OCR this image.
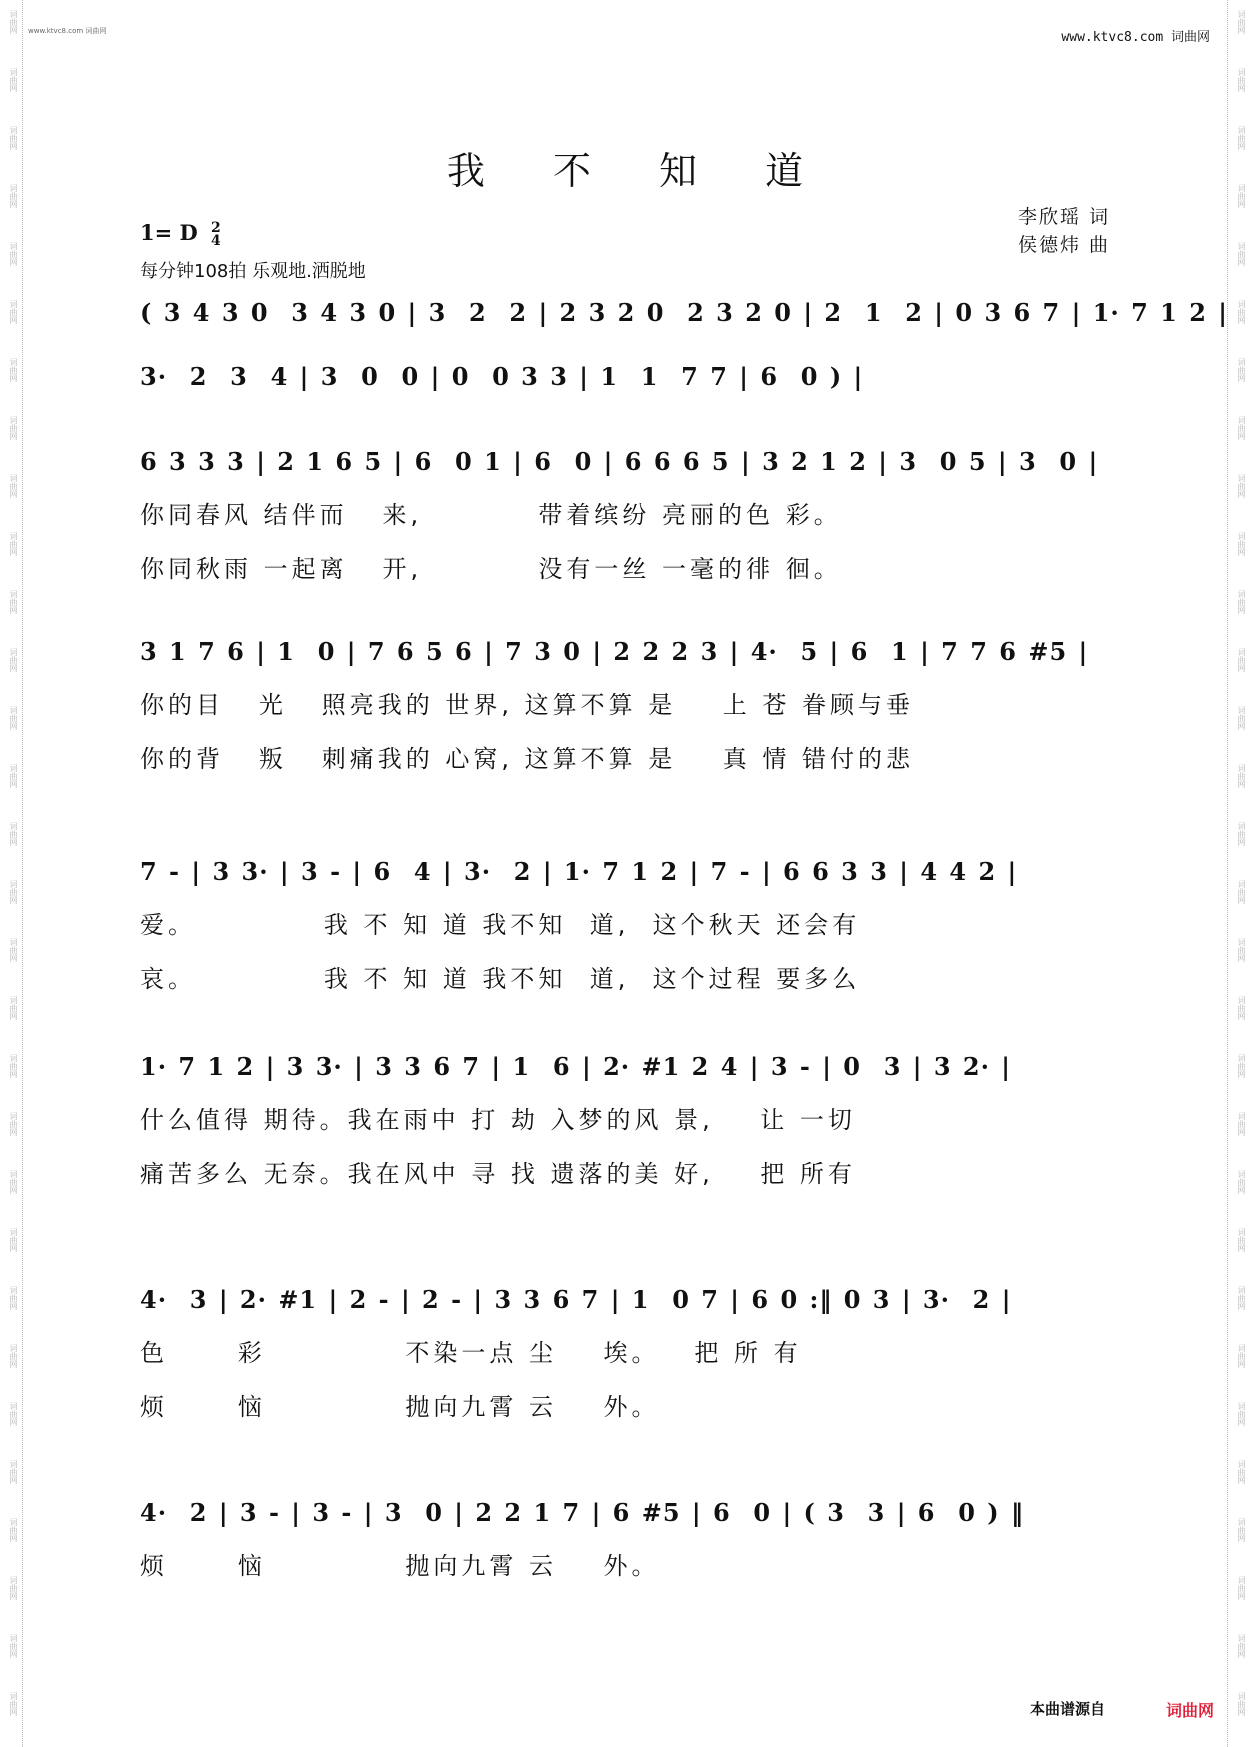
词曲网
词曲网
词曲网
词曲网
词曲网
词曲网
词曲网
词曲网
词曲网
词曲网
词曲网
词曲网
词曲网
词曲网
词曲网
词曲网
词曲网
词曲网
词曲网
词曲网
词曲网
词曲网
词曲网
词曲网
词曲网
词曲网
词曲网
词曲网
词曲网
词曲网
词曲网
词曲网
词曲网
词曲网
词曲网
词曲网
词曲网
词曲网
词曲网
词曲网
词曲网
词曲网
词曲网
词曲网
词曲网
词曲网
词曲网
词曲网
词曲网
词曲网
词曲网
词曲网
词曲网
词曲网
词曲网
词曲网
词曲网
词曲网
词曲网
词曲网
www.ktvc8.com 词曲网	www.ktvc8.com 词曲网
我 不 知 道
1= D 2
4
每分钟108拍 乐观地.洒脱地
李欣瑶 词
侯德炜 曲
( 3 4 3 0  3 4 3 0 | 3  2  2 | 2 3 2 0  2 3 2 0 | 2  1  2 | 0 3 6 7 | 1· 7 1 2 |
3·  2  3  4 | 3  0  0 | 0  0 3 3 | 1  1  7 7 | 6  0 ) |
6 3 3 3 | 2 1 6 5 | 6  0 1 | 6  0 | 6 6 6 5 | 3 2 1 2 | 3  0 5 | 3  0 |
你同春风 结伴而   来,          带着缤纷 亮丽的色 彩。
你同秋雨 一起离   开,          没有一丝 一毫的徘 徊。
3 1 7 6 | 1  0 | 7 6 5 6 | 7 3 0 | 2 2 2 3 | 4·  5 | 6  1 | 7 7 6 #5 |
你的目   光   照亮我的 世界, 这算不算 是    上 苍 眷顾与垂
你的背   叛   刺痛我的 心窝, 这算不算 是    真 情 错付的悲
7 - | 3 3· | 3 - | 6  4 | 3·  2 | 1· 7 1 2 | 7 - | 6 6 3 3 | 4 4 2 |
爱。           我 不 知 道 我不知  道,  这个秋天 还会有
哀。           我 不 知 道 我不知  道,  这个过程 要多么
1· 7 1 2 | 3 3· | 3 3 6 7 | 1  6 | 2· #1 2 4 | 3 - | 0  3 | 3 2· |
什么值得 期待。我在雨中 打 劫 入梦的风 景,    让 一切
痛苦多么 无奈。我在风中 寻 找 遗落的美 好,    把 所有
4·  3 | 2· #1 | 2 - | 2 - | 3 3 6 7 | 1  0 7 | 6 0 :‖ 0 3 | 3·  2 |
色      彩            不染一点 尘    埃。   把 所 有
烦      恼            抛向九霄 云    外。
4·  2 | 3 - | 3 - | 3  0 | 2 2 1 7 | 6 #5 | 6  0 | ( 3  3 | 6  0 ) ‖
烦      恼            抛向九霄 云    外。
本曲谱源自	词曲网
